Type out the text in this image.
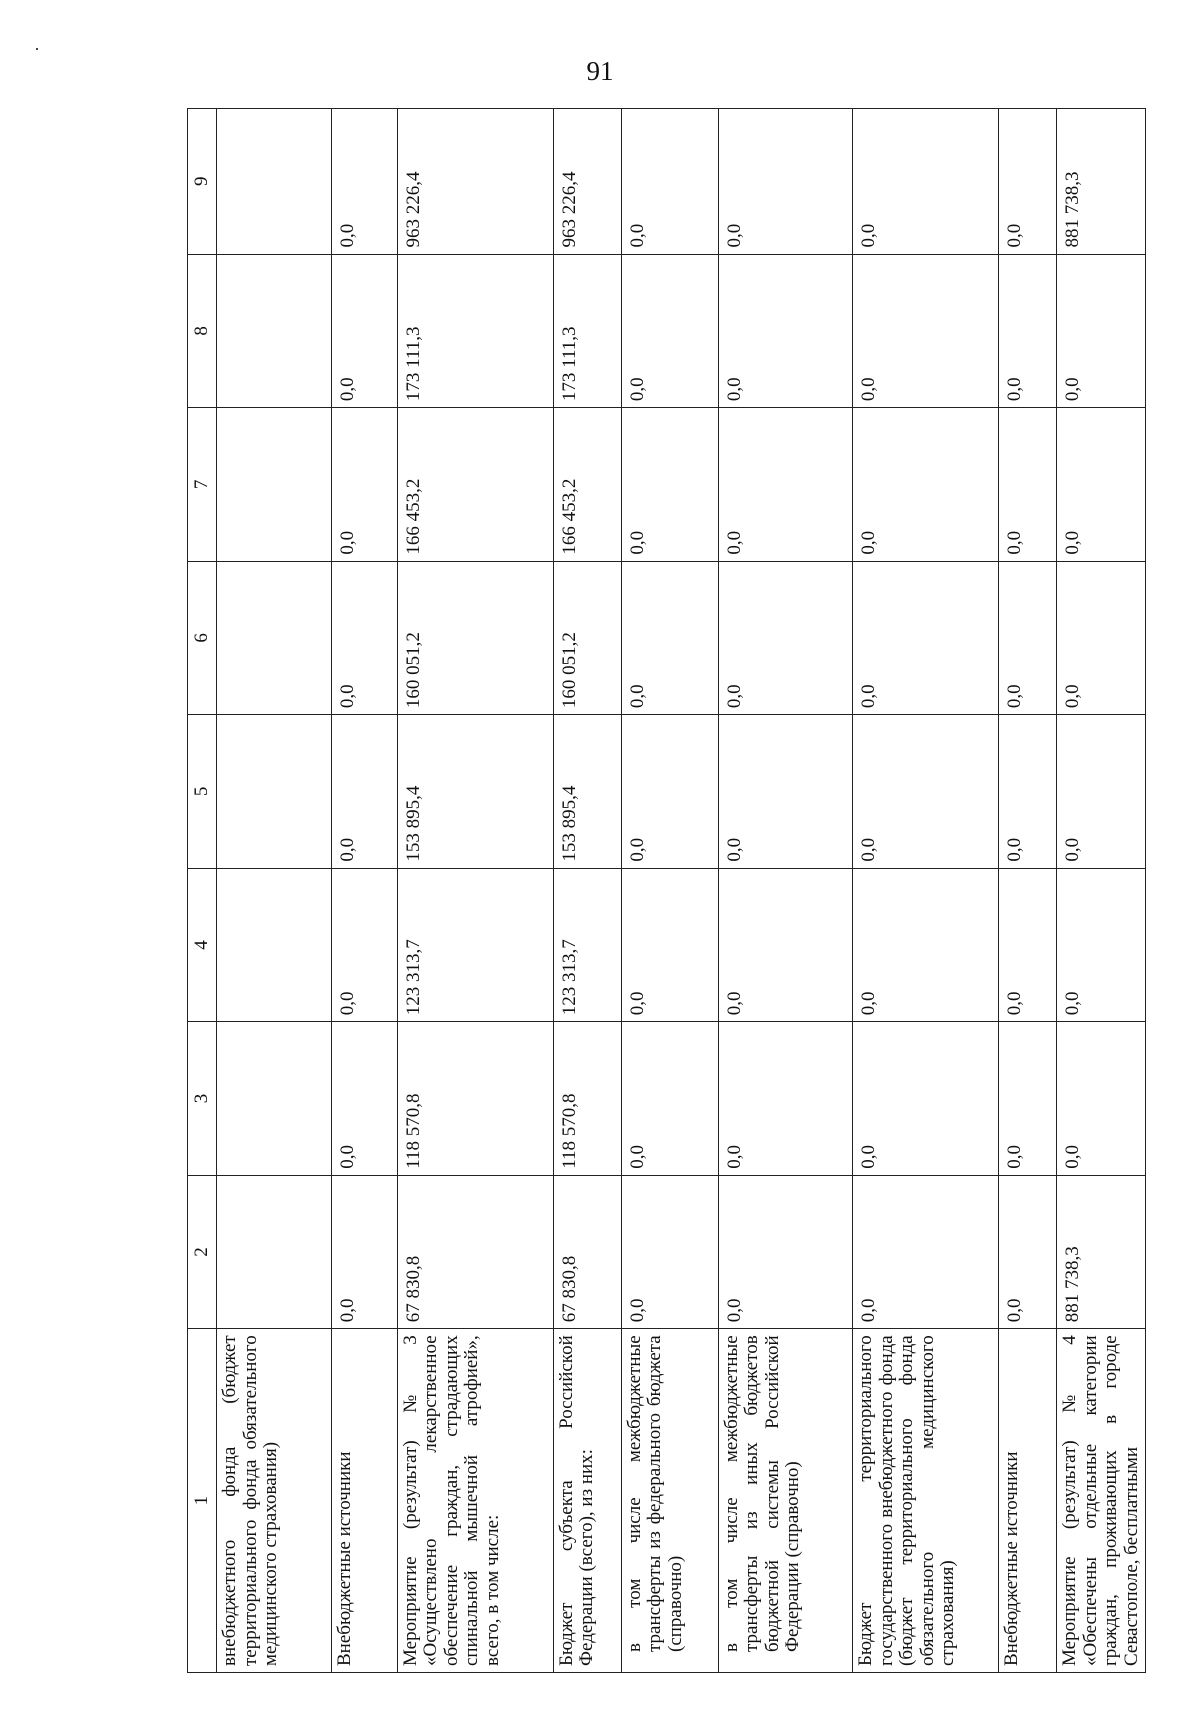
91
1	2	3	4	5	6	7	8	9
внебюджетного фонда (бюджет территориального фонда обязательного медицинского страхования)								
Внебюджетные источники	0,0	0,0	0,0	0,0	0,0	0,0	0,0	0,0
Мероприятие (результат) № 3 «Осуществлено лекарственное обеспечение граждан, страдающих спинальной мышечной атрофией», всего, в том числе:	67 830,8	118 570,8	123 313,7	153 895,4	160 051,2	166 453,2	173 111,3	963 226,4
Бюджет субъекта Российской Федерации (всего), из них:	67 830,8	118 570,8	123 313,7	153 895,4	160 051,2	166 453,2	173 111,3	963 226,4
в том числе межбюджетные трансферты из федерального бюджета (справочно)	0,0	0,0	0,0	0,0	0,0	0,0	0,0	0,0
в том числе межбюджетные трансферты из иных бюджетов бюджетной системы Российской Федерации (справочно)	0,0	0,0	0,0	0,0	0,0	0,0	0,0	0,0
Бюджет территориального государственного внебюджетного фонда (бюджет территориального фонда обязательного медицинского страхования)	0,0	0,0	0,0	0,0	0,0	0,0	0,0	0,0
Внебюджетные источники	0,0	0,0	0,0	0,0	0,0	0,0	0,0	0,0
Мероприятие (результат) № 4 «Обеспечены отдельные категории граждан, проживающих в городе Севастополе, бесплатными	881 738,3	0,0	0,0	0,0	0,0	0,0	0,0	881 738,3
